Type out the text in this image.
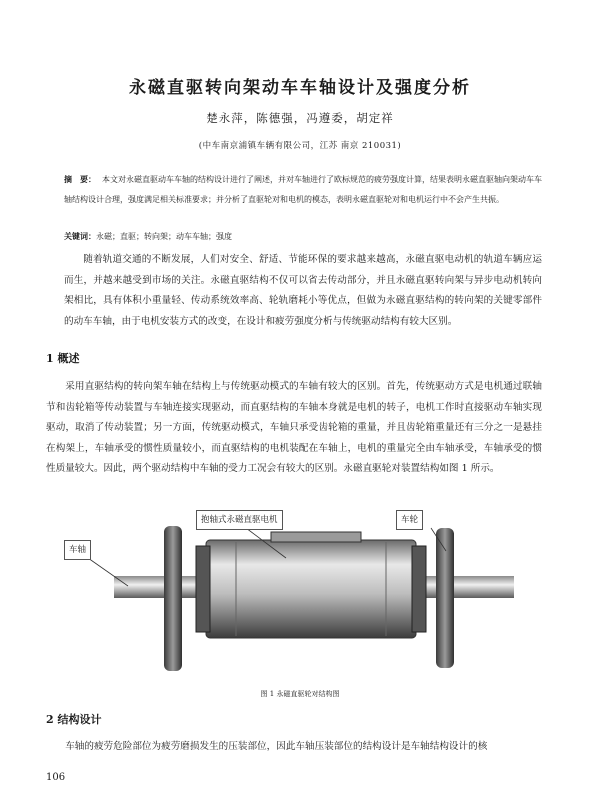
永磁直驱转向架动车车轴设计及强度分析
楚永萍，陈德强，冯遵委，胡定祥
(中车南京浦镇车辆有限公司，江苏 南京 210031)
摘　要： 本文对永磁直驱动车车轴的结构设计进行了阐述，并对车轴进行了欧标规范的疲劳强度计算，结果表明永磁直驱轴向架动车车轴结构设计合理，强度满足相关标准要求；并分析了直驱轮对和电机的模态，表明永磁直驱轮对和电机运行中不会产生共振。
关键词：永磁；直驱；转向架；动车车轴；强度
随着轨道交通的不断发展，人们对安全、舒适、节能环保的要求越来越高，永磁直驱电动机的轨道车辆应运而生，并越来越受到市场的关注。永磁直驱结构不仅可以省去传动部分，并且永磁直驱转向架与异步电动机转向架相比，具有体积小重量轻、传动系统效率高、轮轨磨耗小等优点，但做为永磁直驱结构的转向架的关键零部件的动车车轴，由于电机安装方式的改变，在设计和疲劳强度分析与传统驱动结构有较大区别。
1 概述
采用直驱结构的转向架车轴在结构上与传统驱动模式的车轴有较大的区别。首先，传统驱动方式是电机通过联轴节和齿轮箱等传动装置与车轴连接实现驱动，而直驱结构的车轴本身就是电机的转子，电机工作时直接驱动车轴实现驱动，取消了传动装置；另一方面，传统驱动模式，车轴只承受齿轮箱的重量，并且齿轮箱重量还有三分之一是悬挂在构架上，车轴承受的惯性质量较小，而直驱结构的电机装配在车轴上，电机的重量完全由车轴承受，车轴承受的惯性质量较大。因此，两个驱动结构中车轴的受力工况会有较大的区别。永磁直驱轮对装置结构如图 1 所示。
抱轴式永磁直驱电机	车轮
车轴
图 1 永磁直驱轮对结构图
2 结构设计
车轴的疲劳危险部位为疲劳磨损发生的压装部位，因此车轴压装部位的结构设计是车轴结构设计的核
106
